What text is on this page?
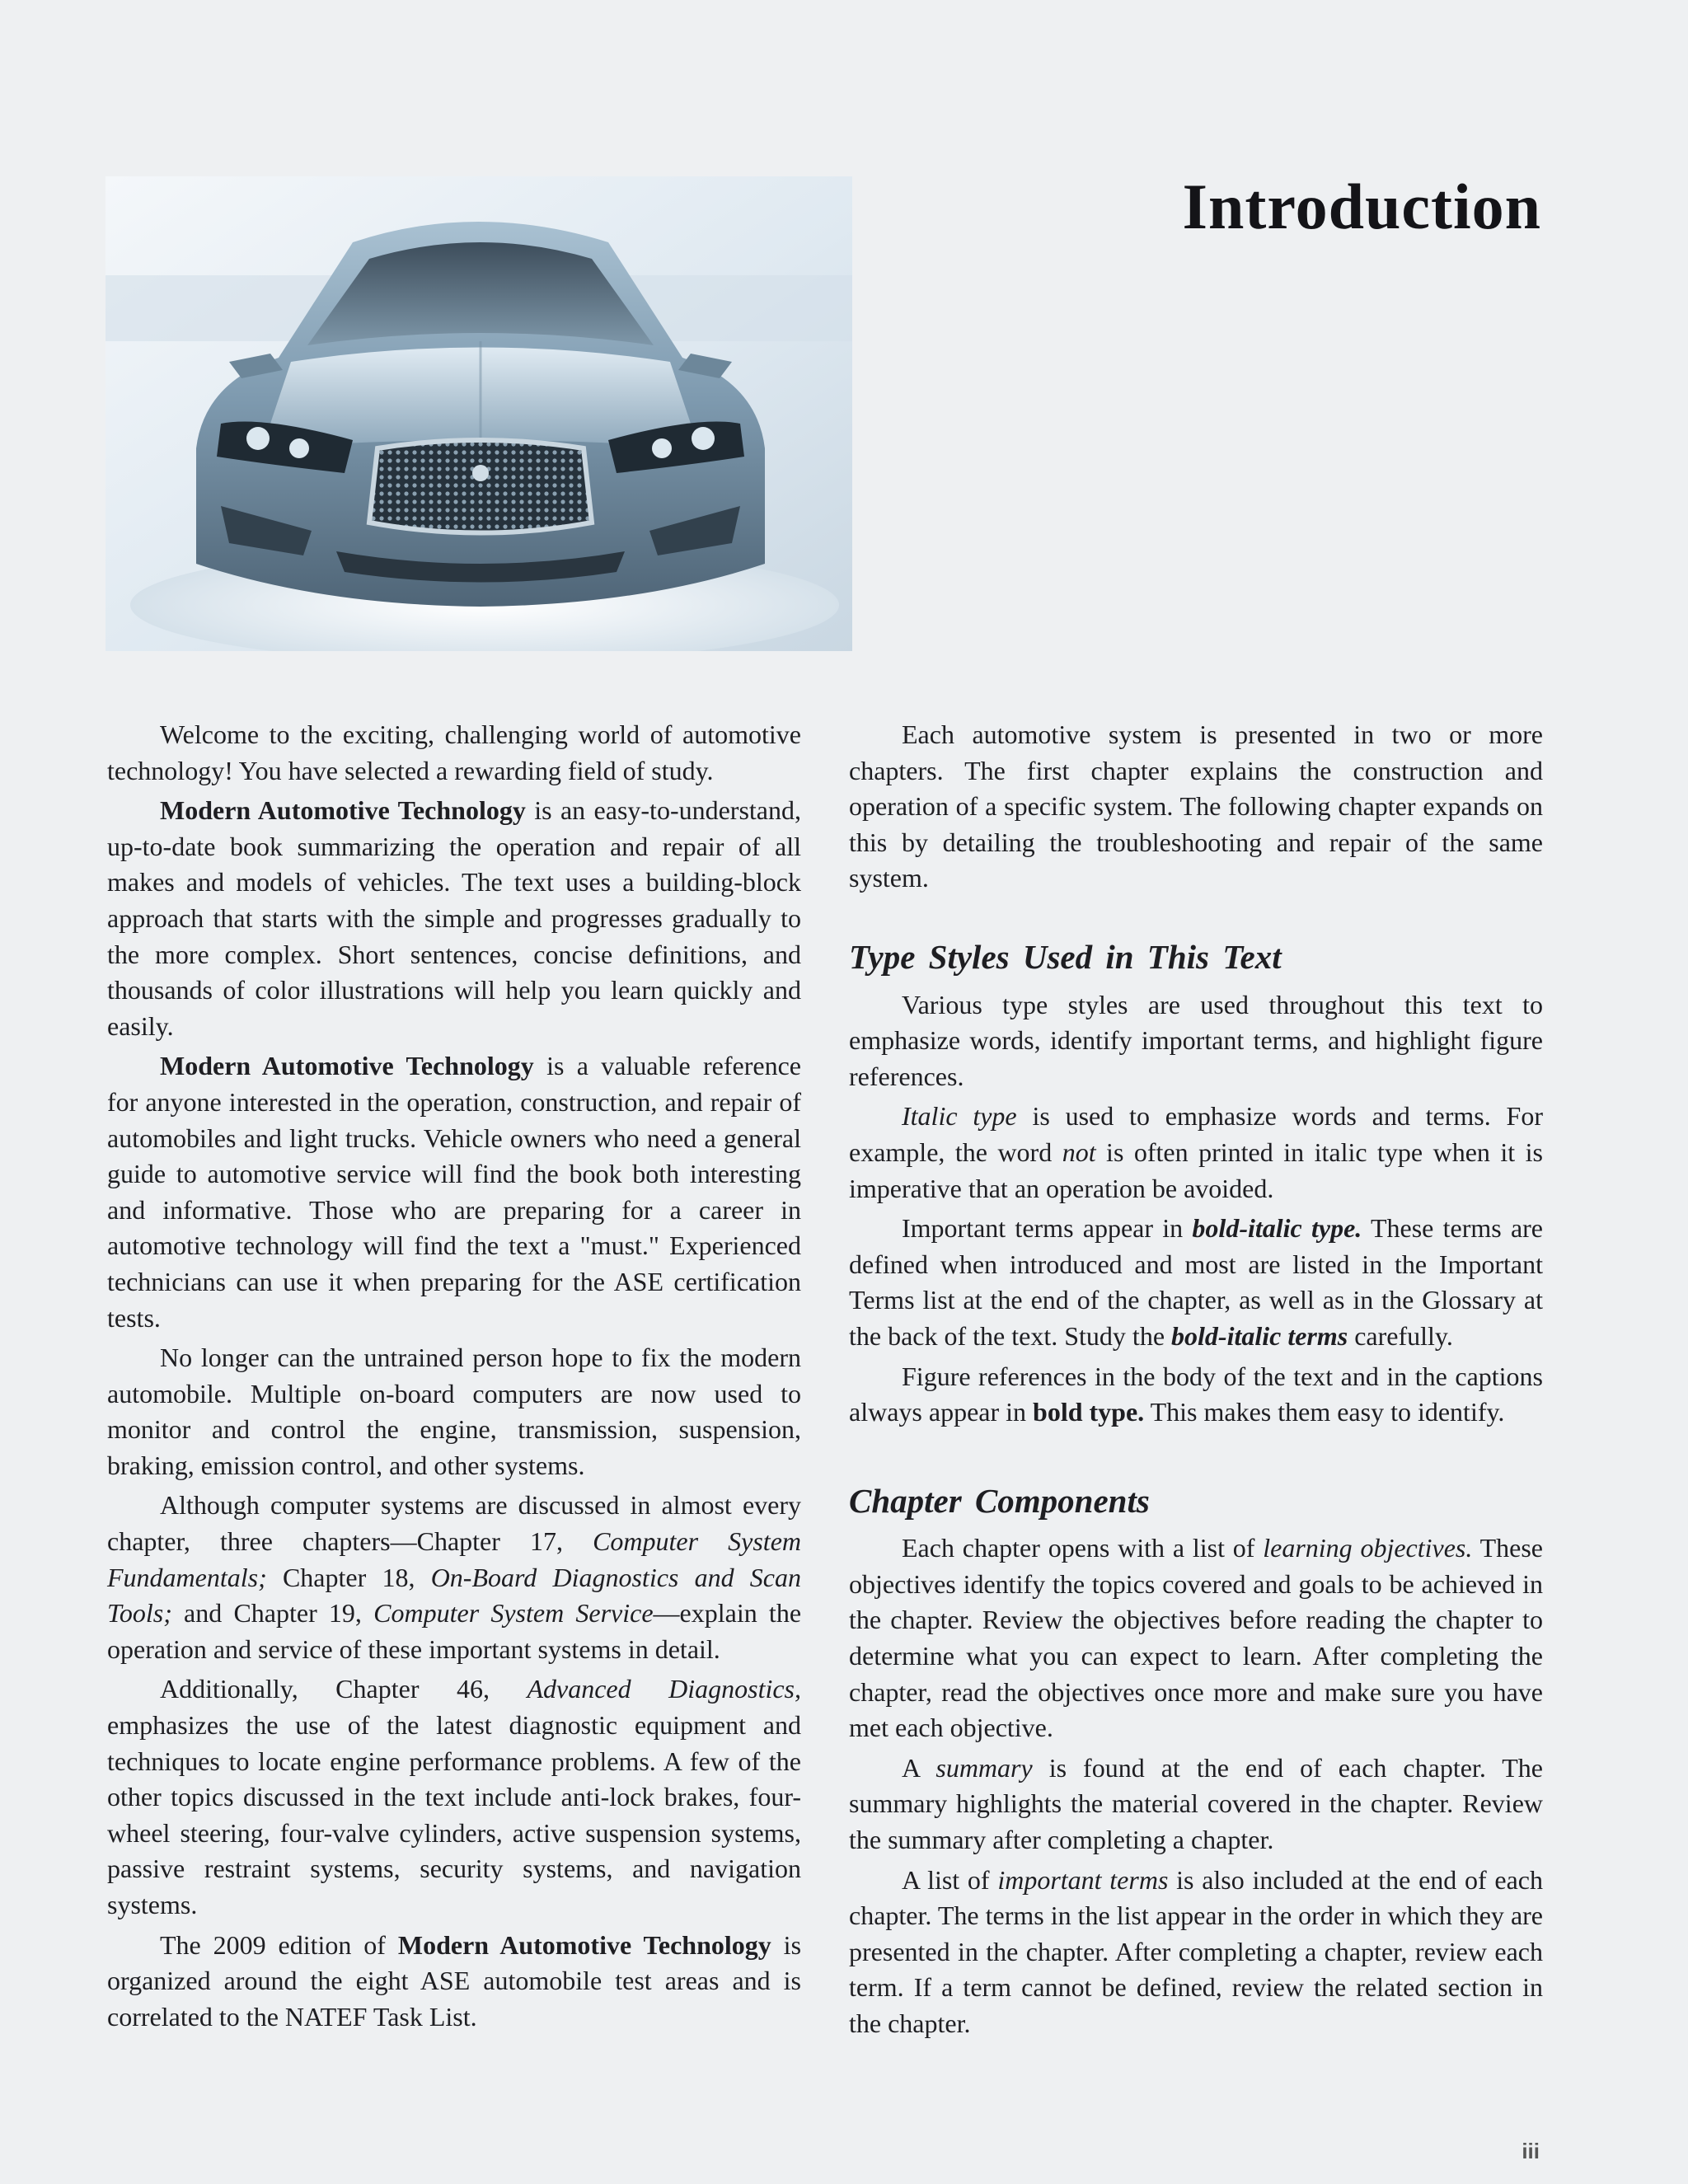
Introduction

Welcome to the exciting, challenging world of automotive technology! You have selected a rewarding field of study.

Modern Automotive Technology is an easy-to-understand, up-to-date book summarizing the operation and repair of all makes and models of vehicles. The text uses a building-block approach that starts with the simple and progresses gradually to the more complex. Short sentences, concise definitions, and thousands of color illustrations will help you learn quickly and easily.

Modern Automotive Technology is a valuable reference for anyone interested in the operation, construction, and repair of automobiles and light trucks. Vehicle owners who need a general guide to automotive service will find the book both interesting and informative. Those who are preparing for a career in automotive technology will find the text a "must." Experienced technicians can use it when preparing for the ASE certification tests.

No longer can the untrained person hope to fix the modern automobile. Multiple on-board computers are now used to monitor and control the engine, transmission, suspension, braking, emission control, and other systems.

Although computer systems are discussed in almost every chapter, three chapters—Chapter 17, Computer System Fundamentals; Chapter 18, On-Board Diagnostics and Scan Tools; and Chapter 19, Computer System Service—explain the operation and service of these important systems in detail.

Additionally, Chapter 46, Advanced Diagnostics, emphasizes the use of the latest diagnostic equipment and techniques to locate engine performance problems. A few of the other topics discussed in the text include anti-lock brakes, four-wheel steering, four-valve cylinders, active suspension systems, passive restraint systems, security systems, and navigation systems.

The 2009 edition of Modern Automotive Technology is organized around the eight ASE automobile test areas and is correlated to the NATEF Task List.

Each automotive system is presented in two or more chapters. The first chapter explains the construction and operation of a specific system. The following chapter expands on this by detailing the troubleshooting and repair of the same system.

Type Styles Used in This Text

Various type styles are used throughout this text to emphasize words, identify important terms, and highlight figure references.

Italic type is used to emphasize words and terms. For example, the word not is often printed in italic type when it is imperative that an operation be avoided.

Important terms appear in bold-italic type. These terms are defined when introduced and most are listed in the Important Terms list at the end of the chapter, as well as in the Glossary at the back of the text. Study the bold-italic terms carefully.

Figure references in the body of the text and in the captions always appear in bold type. This makes them easy to identify.

Chapter Components

Each chapter opens with a list of learning objectives. These objectives identify the topics covered and goals to be achieved in the chapter. Review the objectives before reading the chapter to determine what you can expect to learn. After completing the chapter, read the objectives once more and make sure you have met each objective.

A summary is found at the end of each chapter. The summary highlights the material covered in the chapter. Review the summary after completing a chapter.

A list of important terms is also included at the end of each chapter. The terms in the list appear in the order in which they are presented in the chapter. After completing a chapter, review each term. If a term cannot be defined, review the related section in the chapter.

iii
